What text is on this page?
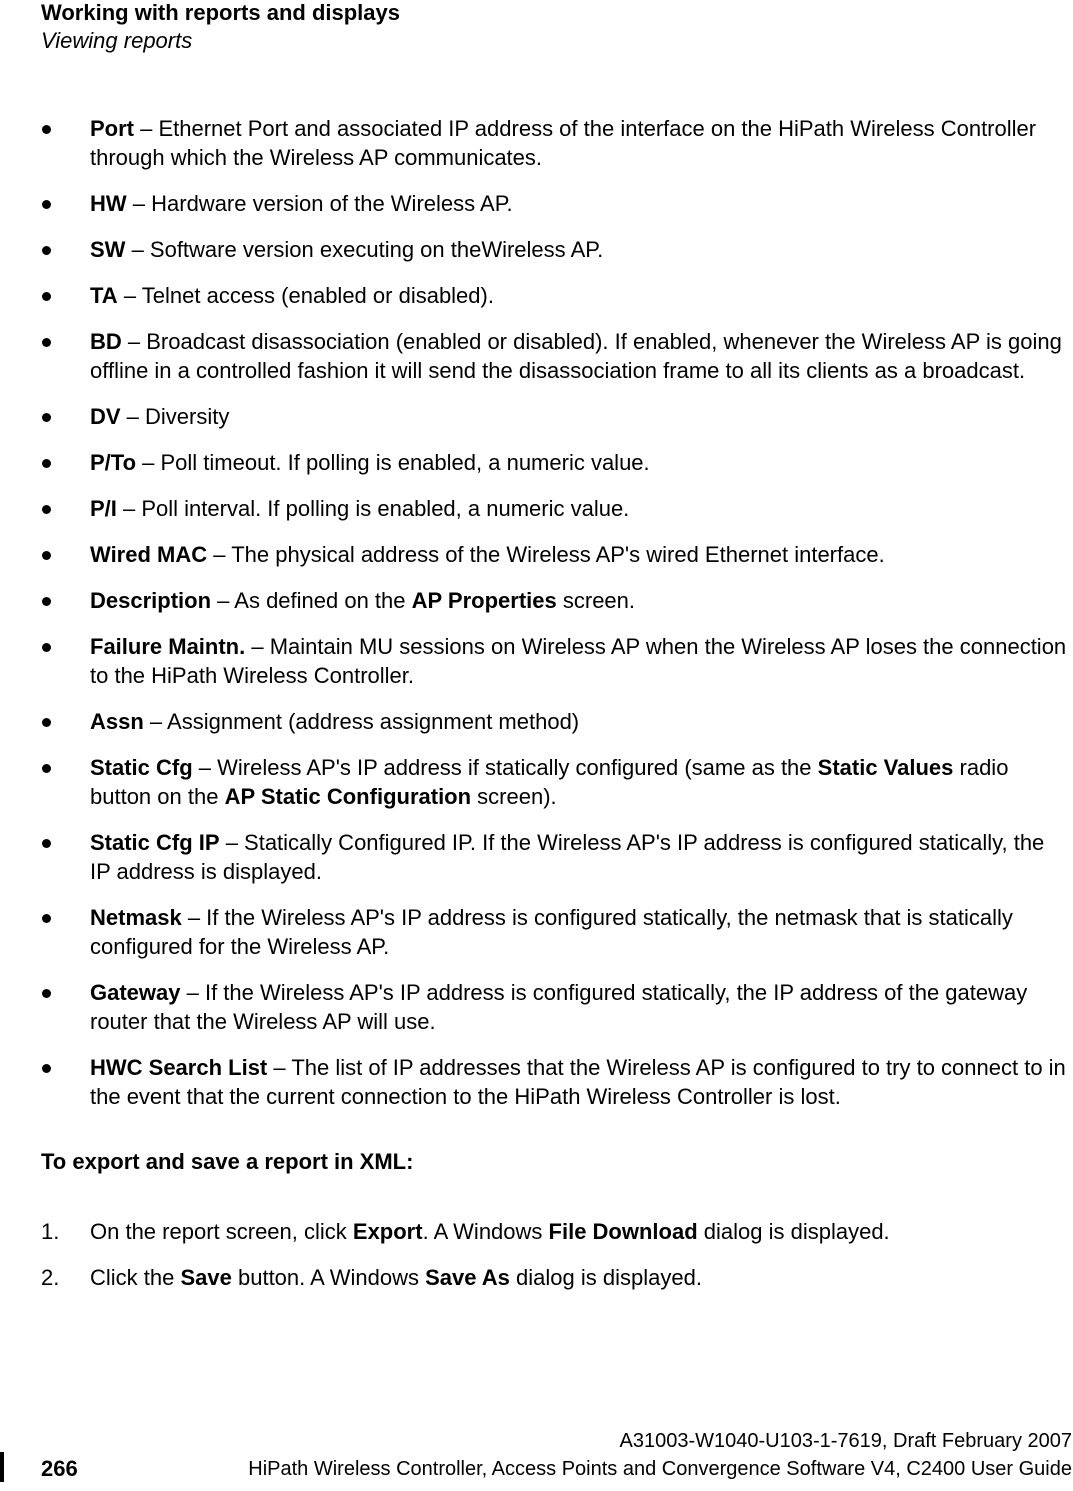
Working with reports and displays
Viewing reports
Port – Ethernet Port and associated IP address of the interface on the HiPath Wireless Controller through which the Wireless AP communicates.
HW – Hardware version of the Wireless AP.
SW – Software version executing on theWireless AP.
TA – Telnet access (enabled or disabled).
BD – Broadcast disassociation (enabled or disabled). If enabled, whenever the Wireless AP is going offline in a controlled fashion it will send the disassociation frame to all its clients as a broadcast.
DV – Diversity
P/To – Poll timeout. If polling is enabled, a numeric value.
P/I – Poll interval. If polling is enabled, a numeric value.
Wired MAC – The physical address of the Wireless AP's wired Ethernet interface.
Description – As defined on the AP Properties screen.
Failure Maintn. – Maintain MU sessions on Wireless AP when the Wireless AP loses the connection to the HiPath Wireless Controller.
Assn – Assignment (address assignment method)
Static Cfg – Wireless AP's IP address if statically configured (same as the Static Values radio button on the AP Static Configuration screen).
Static Cfg IP – Statically Configured IP. If the Wireless AP's IP address is configured statically, the IP address is displayed.
Netmask – If the Wireless AP's IP address is configured statically, the netmask that is statically configured for the Wireless AP.
Gateway – If the Wireless AP's IP address is configured statically, the IP address of the gateway router that the Wireless AP will use.
HWC Search List – The list of IP addresses that the Wireless AP is configured to try to connect to in the event that the current connection to the HiPath Wireless Controller is lost.
To export and save a report in XML:
1. On the report screen, click Export. A Windows File Download dialog is displayed.
2. Click the Save button. A Windows Save As dialog is displayed.
266
A31003-W1040-U103-1-7619, Draft February 2007
HiPath Wireless Controller, Access Points and Convergence Software V4, C2400 User Guide
